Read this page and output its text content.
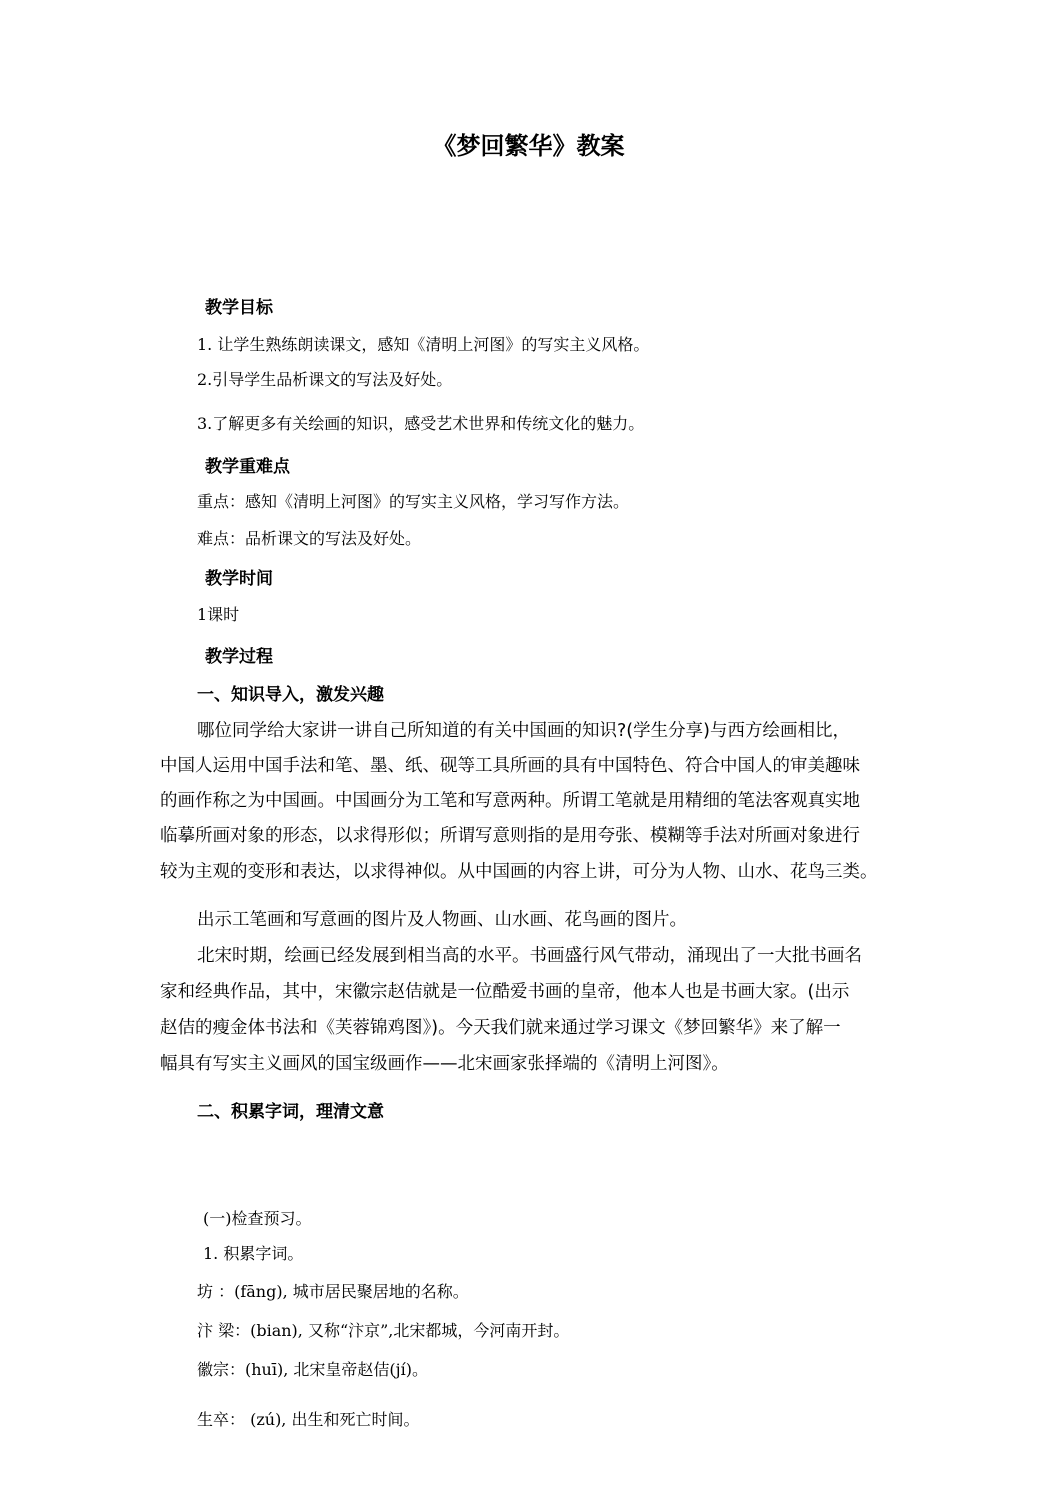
《梦回繁华》教案
教学目标
1. 让学生熟练朗读课文，感知《清明上河图》的写实主义风格。
2.引导学生品析课文的写法及好处。
3.了解更多有关绘画的知识，感受艺术世界和传统文化的魅力。
教学重难点
重点：感知《清明上河图》的写实主义风格，学习写作方法。
难点：品析课文的写法及好处。
教学时间
1课时
教学过程
一、知识导入，激发兴趣
哪位同学给大家讲一讲自己所知道的有关中国画的知识?(学生分享)与西方绘画相比，
中国人运用中国手法和笔、墨、纸、砚等工具所画的具有中国特色、符合中国人的审美趣味
的画作称之为中国画。中国画分为工笔和写意两种。所谓工笔就是用精细的笔法客观真实地
临摹所画对象的形态，以求得形似；所谓写意则指的是用夸张、模糊等手法对所画对象进行
较为主观的变形和表达，以求得神似。从中国画的内容上讲，可分为人物、山水、花鸟三类。
出示工笔画和写意画的图片及人物画、山水画、花鸟画的图片。
北宋时期，绘画已经发展到相当高的水平。书画盛行风气带动，涌现出了一大批书画名
家和经典作品，其中，宋徽宗赵佶就是一位酷爱书画的皇帝，他本人也是书画大家。(出示
赵佶的瘦金体书法和《芙蓉锦鸡图》)。今天我们就来通过学习课文《梦回繁华》来了解一
幅具有写实主义画风的国宝级画作——北宋画家张择端的《清明上河图》。
二、积累字词，理清文意
(一)检查预习。
1. 积累字词。
坊 ：(fāng), 城市居民聚居地的名称。
汴 梁：(bian), 又称“汴京”,北宋都城，今河南开封。
徽宗：(huī), 北宋皇帝赵佶(jí)。
生卒： (zú), 出生和死亡时间。
